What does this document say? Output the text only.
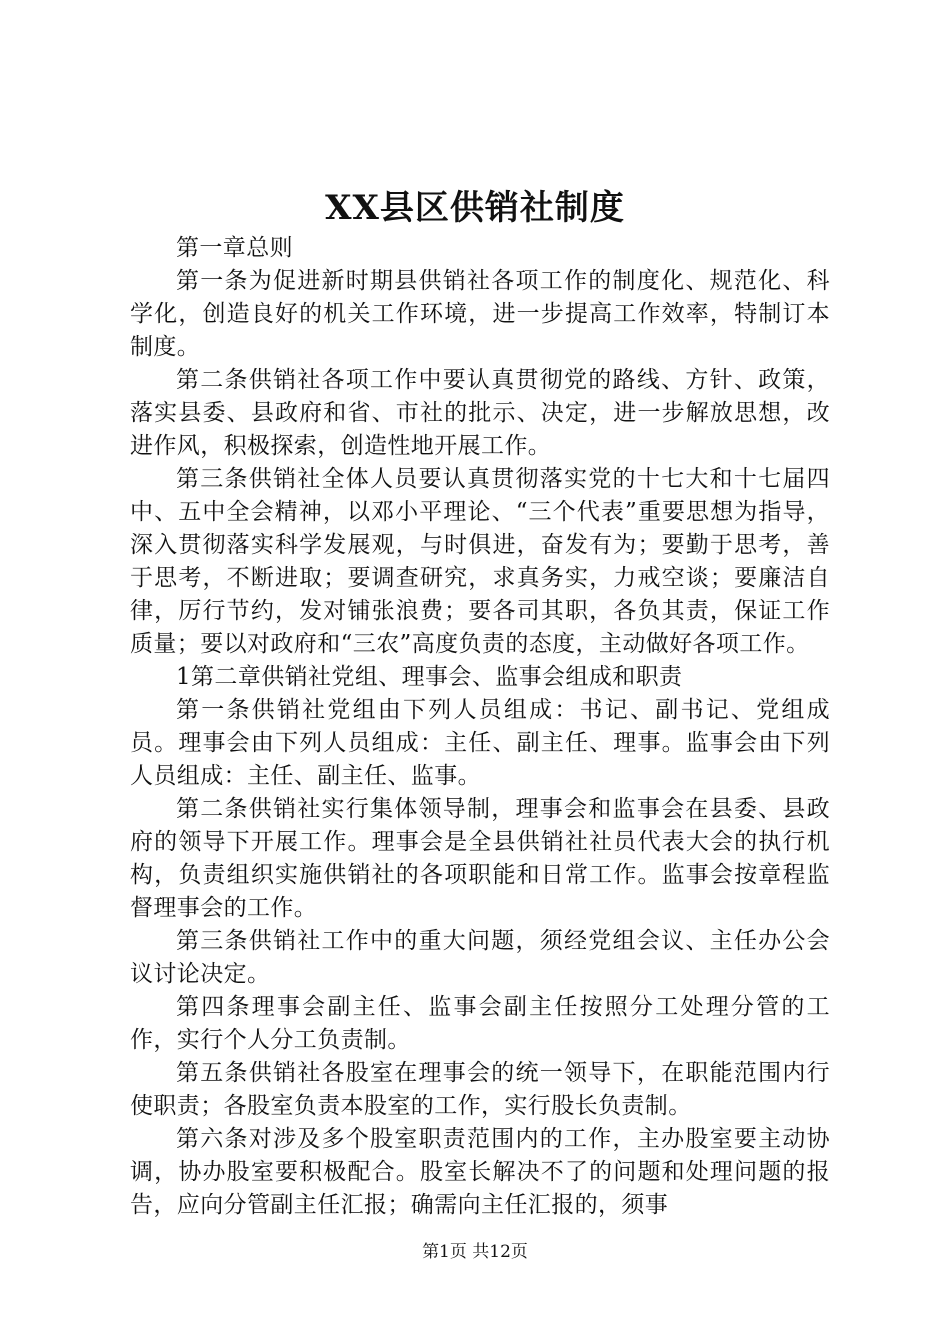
XX县区供销社制度

第一章总则

第一条为促进新时期县供销社各项工作的制度化、规范化、科学化，创造良好的机关工作环境，进一步提高工作效率，特制订本制度。

第二条供销社各项工作中要认真贯彻党的路线、方针、政策，落实县委、县政府和省、市社的批示、决定，进一步解放思想，改进作风，积极探索，创造性地开展工作。

第三条供销社全体人员要认真贯彻落实党的十七大和十七届四中、五中全会精神，以邓小平理论、“三个代表”重要思想为指导，深入贯彻落实科学发展观，与时俱进，奋发有为；要勤于思考，善于思考，不断进取；要调查研究，求真务实，力戒空谈；要廉洁自律，厉行节约，发对铺张浪费；要各司其职，各负其责，保证工作质量；要以对政府和“三农”高度负责的态度，主动做好各项工作。

1第二章供销社党组、理事会、监事会组成和职责

第一条供销社党组由下列人员组成：书记、副书记、党组成员。理事会由下列人员组成：主任、副主任、理事。监事会由下列人员组成：主任、副主任、监事。

第二条供销社实行集体领导制，理事会和监事会在县委、县政府的领导下开展工作。理事会是全县供销社社员代表大会的执行机构，负责组织实施供销社的各项职能和日常工作。监事会按章程监督理事会的工作。

第三条供销社工作中的重大问题，须经党组会议、主任办公会议讨论决定。

第四条理事会副主任、监事会副主任按照分工处理分管的工作，实行个人分工负责制。

第五条供销社各股室在理事会的统一领导下，在职能范围内行使职责；各股室负责本股室的工作，实行股长负责制。

第六条对涉及多个股室职责范围内的工作，主办股室要主动协调，协办股室要积极配合。股室长解决不了的问题和处理问题的报告，应向分管副主任汇报；确需向主任汇报的，须事

第1页 共12页
